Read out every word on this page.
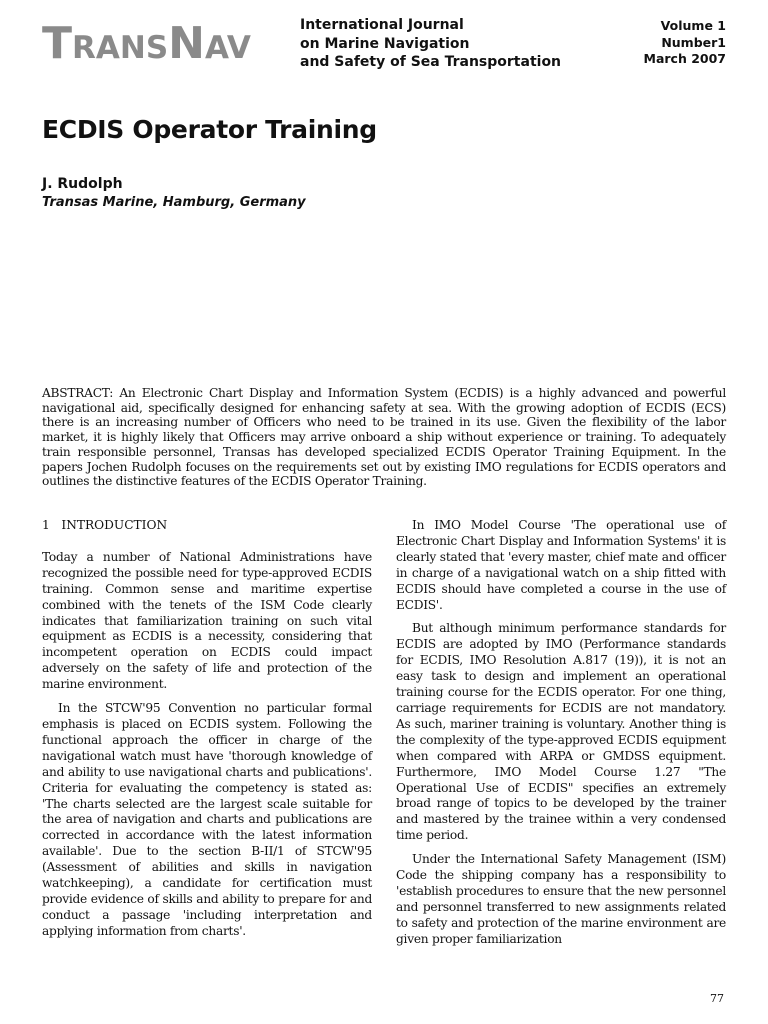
TRANSNAV
International Journal
on Marine Navigation
and Safety of Sea Transportation
Volume 1
Number1
March 2007
ECDIS Operator Training
J. Rudolph
Transas Marine, Hamburg, Germany

ABSTRACT: An Electronic Chart Display and Information System (ECDIS) is a highly advanced and powerful navigational aid, specifically designed for enhancing safety at sea. With the growing adoption of ECDIS (ECS) there is an increasing number of Officers who need to be trained in its use. Given the flexibility of the labor market, it is highly likely that Officers may arrive onboard a ship without experience or training. To adequately train responsible personnel, Transas has developed specialized ECDIS Operator Training Equipment. In the papers Jochen Rudolph focuses on the requirements set out by existing IMO regulations for ECDIS operators and outlines the distinctive features of the ECDIS Operator Training.

1   INTRODUCTION

Today a number of National Administrations have recognized the possible need for type-approved ECDIS training. Common sense and maritime expertise combined with the tenets of the ISM Code clearly indicates that familiarization training on such vital equipment as ECDIS is a necessity, considering that incompetent operation on ECDIS could impact adversely on the safety of life and protection of the marine environment.

In the STCW'95 Convention no particular formal emphasis is placed on ECDIS system. Following the functional approach the officer in charge of the navigational watch must have 'thorough knowledge of and ability to use navigational charts and publications'. Criteria for evaluating the competency is stated as: 'The charts selected are the largest scale suitable for the area of navigation and charts and publications are corrected in accordance with the latest information available'. Due to the section B-II/1 of STCW'95 (Assessment of abilities and skills in navigation watchkeeping), a candidate for certification must provide evidence of skills and ability to prepare for and conduct a passage 'including interpretation and applying information from charts'.

In IMO Model Course 'The operational use of Electronic Chart Display and Information Systems' it is clearly stated that 'every master, chief mate and officer in charge of a navigational watch on a ship fitted with ECDIS should have completed a course in the use of ECDIS'.

But although minimum performance standards for ECDIS are adopted by IMO (Performance standards for ECDIS, IMO Resolution A.817 (19)), it is not an easy task to design and implement an operational training course for the ECDIS operator. For one thing, carriage requirements for ECDIS are not mandatory. As such, mariner training is voluntary. Another thing is the complexity of the type-approved ECDIS equipment when compared with ARPA or GMDSS equipment. Furthermore, IMO Model Course 1.27 "The Operational Use of ECDIS" specifies an extremely broad range of topics to be developed by the trainer and mastered by the trainee within a very condensed time period.

Under the International Safety Management (ISM) Code the shipping company has a responsibility to 'establish procedures to ensure that the new personnel and personnel transferred to new assignments related to safety and protection of the marine environment are given proper familiarization

77
